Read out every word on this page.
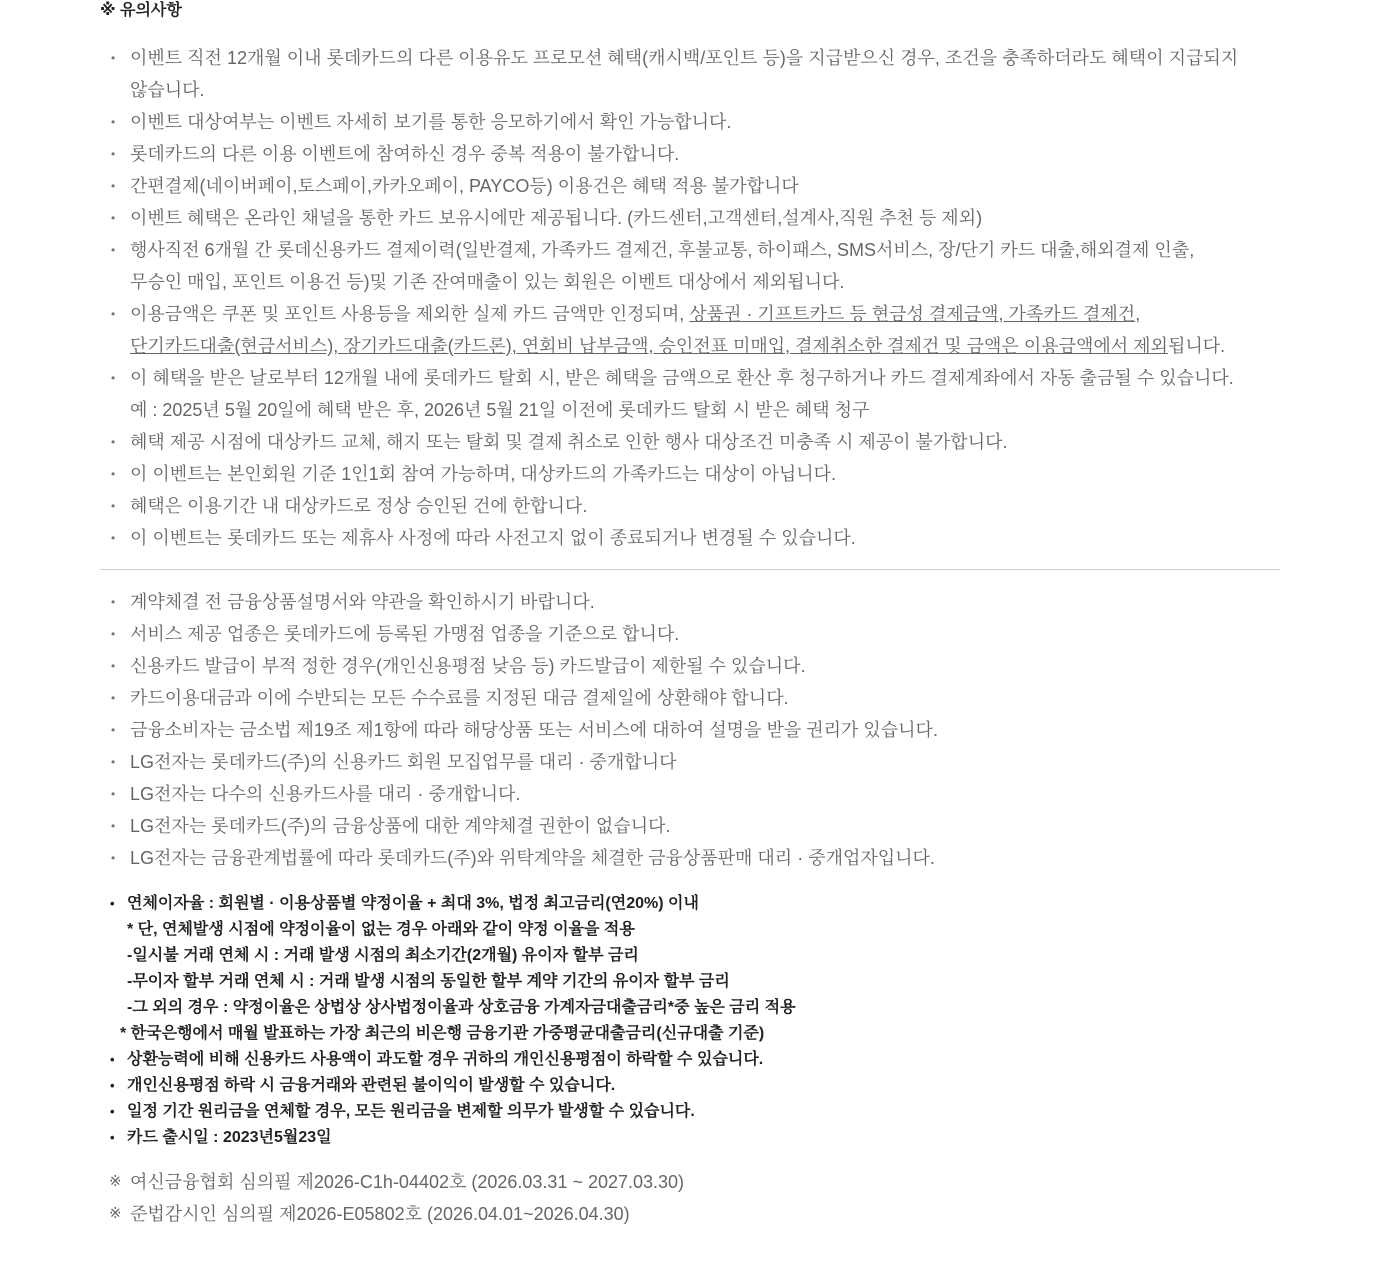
※ 유의사항
• 이벤트 직전 12개월 이내 롯데카드의 다른 이용유도 프로모션 혜택(캐시백/포인트 등)을 지급받으신 경우, 조건을 충족하더라도 혜택이 지급되지
않습니다.
• 이벤트 대상여부는 이벤트 자세히 보기를 통한 응모하기에서 확인 가능합니다.
• 롯데카드의 다른 이용 이벤트에 참여하신 경우 중복 적용이 불가합니다.
• 간편결제(네이버페이,토스페이,카카오페이, PAYCO등) 이용건은 혜택 적용 불가합니다
• 이벤트 혜택은 온라인 채널을 통한 카드 보유시에만 제공됩니다. (카드센터,고객센터,설계사,직원 추천 등 제외)
• 행사직전 6개월 간 롯데신용카드 결제이력(일반결제, 가족카드 결제건, 후불교통, 하이패스, SMS서비스, 장/단기 카드 대출,해외결제 인출,
무승인 매입, 포인트 이용건 등)및 기존 잔여매출이 있는 회원은 이벤트 대상에서 제외됩니다.
• 이용금액은 쿠폰 및 포인트 사용등을 제외한 실제 카드 금액만 인정되며, 상품권 · 기프트카드 등 현금성 결제금액, 가족카드 결제건,
단기카드대출(현금서비스), 장기카드대출(카드론), 연회비 납부금액, 승인전표 미매입, 결제취소한 결제건 및 금액은 이용금액에서 제외됩니다.
• 이 혜택을 받은 날로부터 12개월 내에 롯데카드 탈회 시, 받은 혜택을 금액으로 환산 후 청구하거나 카드 결제계좌에서 자동 출금될 수 있습니다.
예 : 2025년 5월 20일에 혜택 받은 후, 2026년 5월 21일 이전에 롯데카드 탈회 시 받은 혜택 청구
• 혜택 제공 시점에 대상카드 교체, 해지 또는 탈회 및 결제 취소로 인한 행사 대상조건 미충족 시 제공이 불가합니다.
• 이 이벤트는 본인회원 기준 1인1회 참여 가능하며, 대상카드의 가족카드는 대상이 아닙니다.
• 혜택은 이용기간 내 대상카드로 정상 승인된 건에 한합니다.
• 이 이벤트는 롯데카드 또는 제휴사 사정에 따라 사전고지 없이 종료되거나 변경될 수 있습니다.
• 계약체결 전 금융상품설명서와 약관을 확인하시기 바랍니다.
• 서비스 제공 업종은 롯데카드에 등록된 가맹점 업종을 기준으로 합니다.
• 신용카드 발급이 부적 정한 경우(개인신용평점 낮음 등) 카드발급이 제한될 수 있습니다.
• 카드이용대금과 이에 수반되는 모든 수수료를 지정된 대금 결제일에 상환해야 합니다.
• 금융소비자는 금소법 제19조 제1항에 따라 해당상품 또는 서비스에 대하여 설명을 받을 권리가 있습니다.
• LG전자는 롯데카드(주)의 신용카드 회원 모집업무를 대리 · 중개합니다
• LG전자는 다수의 신용카드사를 대리 · 중개합니다.
• LG전자는 롯데카드(주)의 금융상품에 대한 계약체결 권한이 없습니다.
• LG전자는 금융관계법률에 따라 롯데카드(주)와 위탁계약을 체결한 금융상품판매 대리 · 중개업자입니다.
• 연체이자율 : 회원별 · 이용상품별 약정이율 + 최대 3%, 법정 최고금리(연20%) 이내
* 단, 연체발생 시점에 약정이율이 없는 경우 아래와 같이 약정 이율을 적용
-일시불 거래 연체 시 : 거래 발생 시점의 최소기간(2개월) 유이자 할부 금리
-무이자 할부 거래 연체 시 : 거래 발생 시점의 동일한 할부 계약 기간의 유이자 할부 금리
-그 외의 경우 : 약정이율은 상법상 상사법정이율과 상호금융 가계자금대출금리*중 높은 금리 적용
* 한국은행에서 매월 발표하는 가장 최근의 비은행 금융기관 가중평균대출금리(신규대출 기준)
• 상환능력에 비해 신용카드 사용액이 과도할 경우 귀하의 개인신용평점이 하락할 수 있습니다.
• 개인신용평점 하락 시 금융거래와 관련된 불이익이 발생할 수 있습니다.
• 일정 기간 원리금을 연체할 경우, 모든 원리금을 변제할 의무가 발생할 수 있습니다.
• 카드 출시일 : 2023년5월23일
※ 여신금융협회 심의필 제2026-C1h-04402호 (2026.03.31 ~ 2027.03.30)
※ 준법감시인 심의필 제2026-E05802호 (2026.04.01~2026.04.30)
